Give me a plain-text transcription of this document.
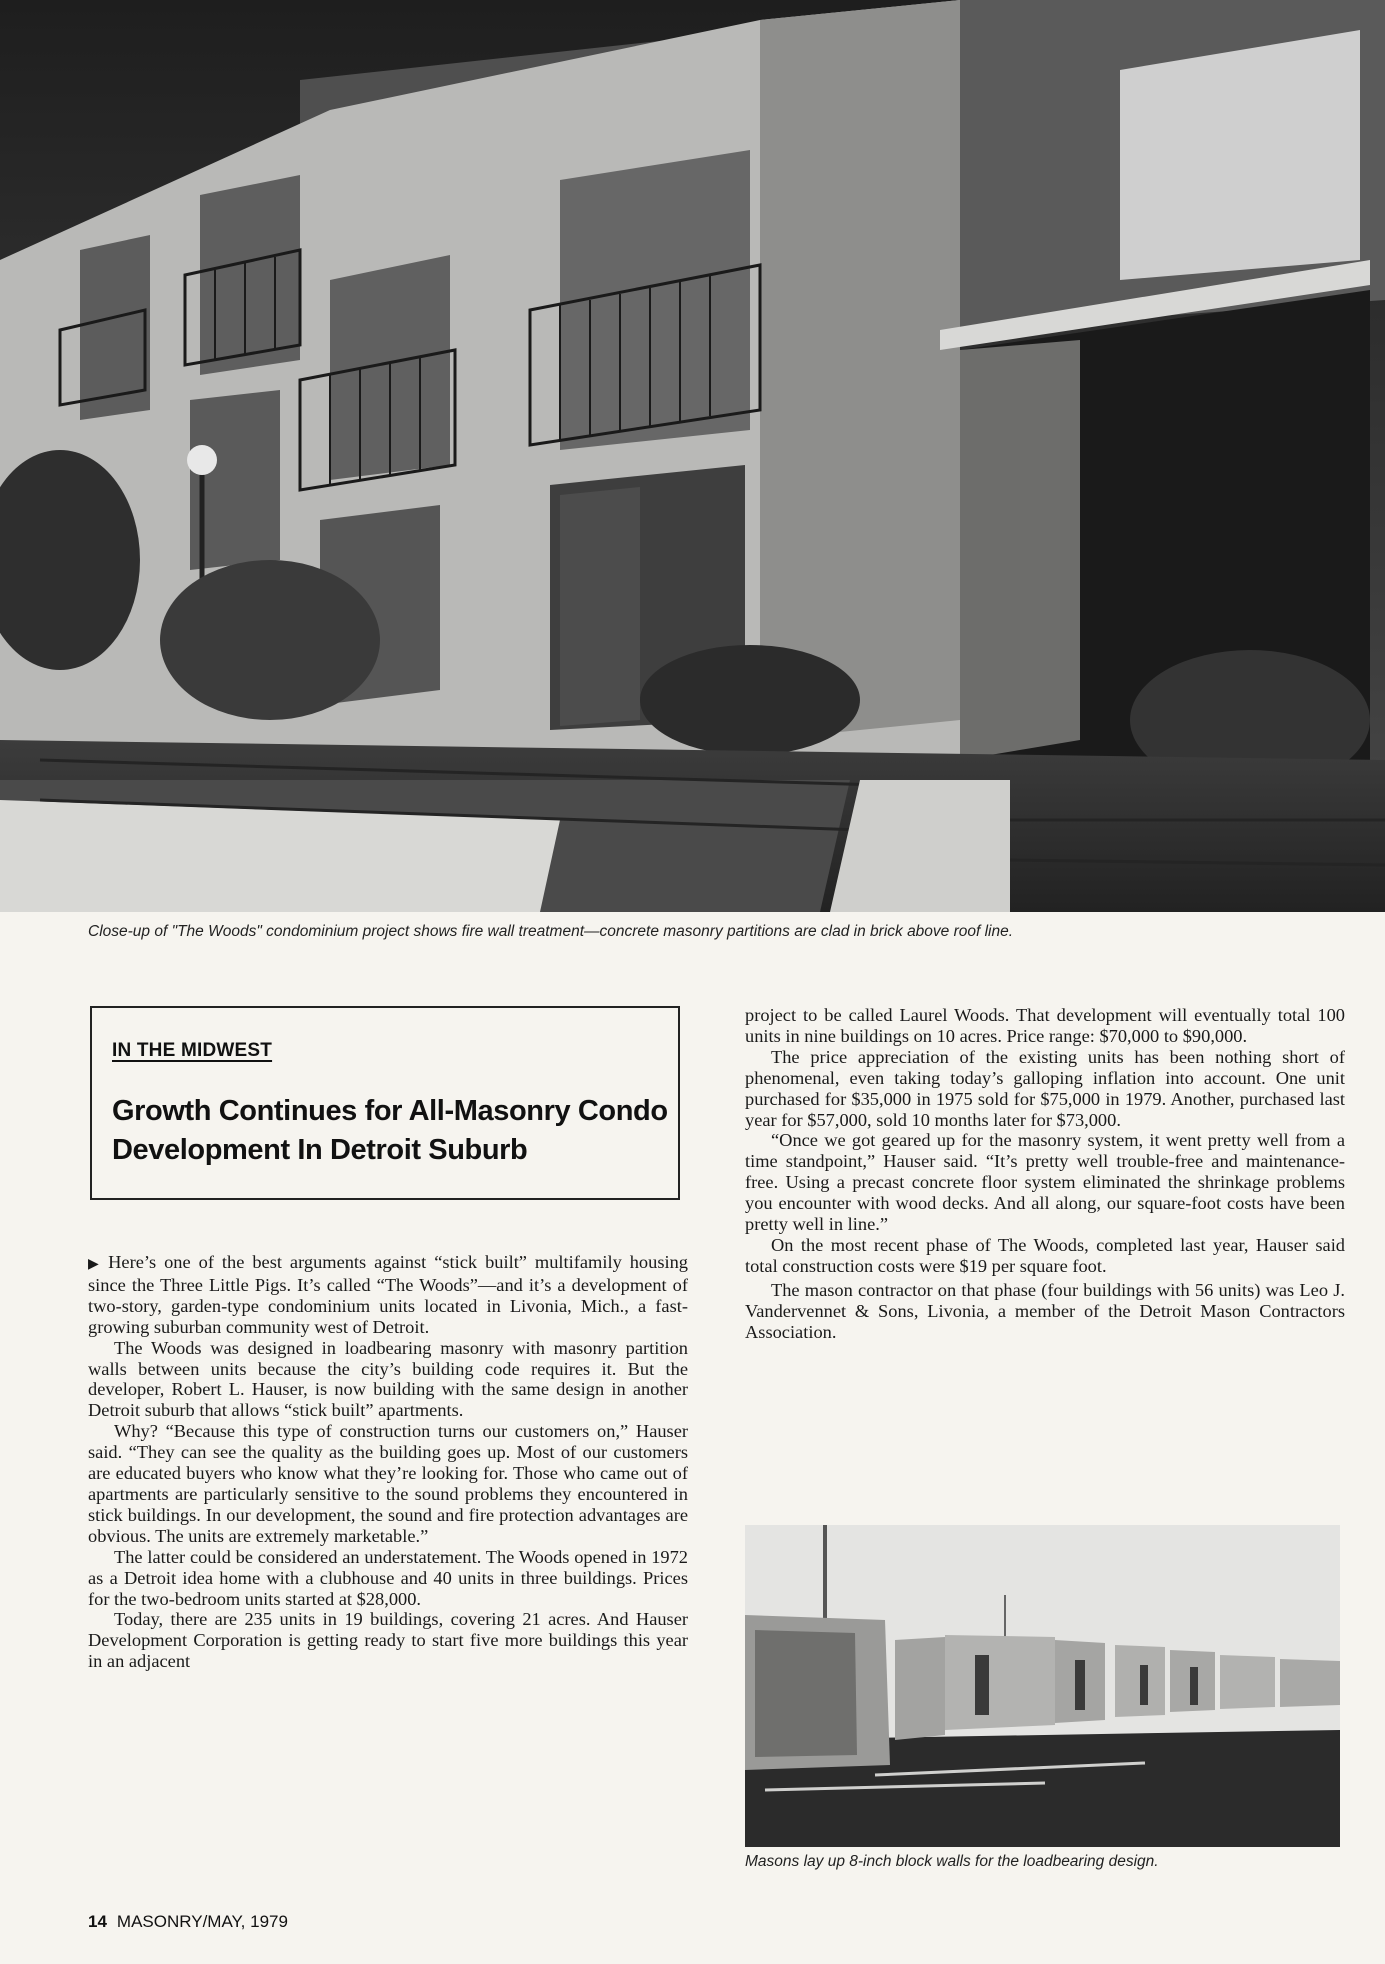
Close-up of "The Woods" condominium project shows fire wall treatment—concrete masonry partitions are clad in brick above roof line.
IN THE MIDWEST
Growth Continues for All-Masonry Condo Development In Detroit Suburb

▶ Here’s one of the best arguments against “stick built” multifamily housing since the Three Little Pigs. It’s called “The Woods”—and it’s a development of two-story, garden-type condominium units located in Livonia, Mich., a fast-growing suburban community west of Detroit.

The Woods was designed in loadbearing masonry with masonry partition walls between units because the city’s building code requires it. But the developer, Robert L. Hauser, is now building with the same design in another Detroit suburb that allows “stick built” apartments.

Why? “Because this type of construction turns our customers on,” Hauser said. “They can see the quality as the building goes up. Most of our customers are educated buyers who know what they’re looking for. Those who came out of apartments are particularly sensitive to the sound problems they encountered in stick buildings. In our development, the sound and fire protection advantages are obvious. The units are extremely marketable.”

The latter could be considered an understatement. The Woods opened in 1972 as a Detroit idea home with a clubhouse and 40 units in three buildings. Prices for the two-bedroom units started at $28,000.

Today, there are 235 units in 19 buildings, covering 21 acres. And Hauser Development Corporation is getting ready to start five more buildings this year in an adjacent

project to be called Laurel Woods. That development will eventually total 100 units in nine buildings on 10 acres. Price range: $70,000 to $90,000.

The price appreciation of the existing units has been nothing short of phenomenal, even taking today’s galloping inflation into account. One unit purchased for $35,000 in 1975 sold for $75,000 in 1979. Another, purchased last year for $57,000, sold 10 months later for $73,000.

“Once we got geared up for the masonry system, it went pretty well from a time standpoint,” Hauser said. “It’s pretty well trouble-free and maintenance-free. Using a precast concrete floor system eliminated the shrinkage problems you encounter with wood decks. And all along, our square-foot costs have been pretty well in line.”

On the most recent phase of The Woods, completed last year, Hauser said total construction costs were $19 per square foot.

The mason contractor on that phase (four buildings with 56 units) was Leo J. Vandervennet & Sons, Livonia, a member of the Detroit Mason Contractors Association.

Masons lay up 8-inch block walls for the loadbearing design.
14 MASONRY/MAY, 1979
